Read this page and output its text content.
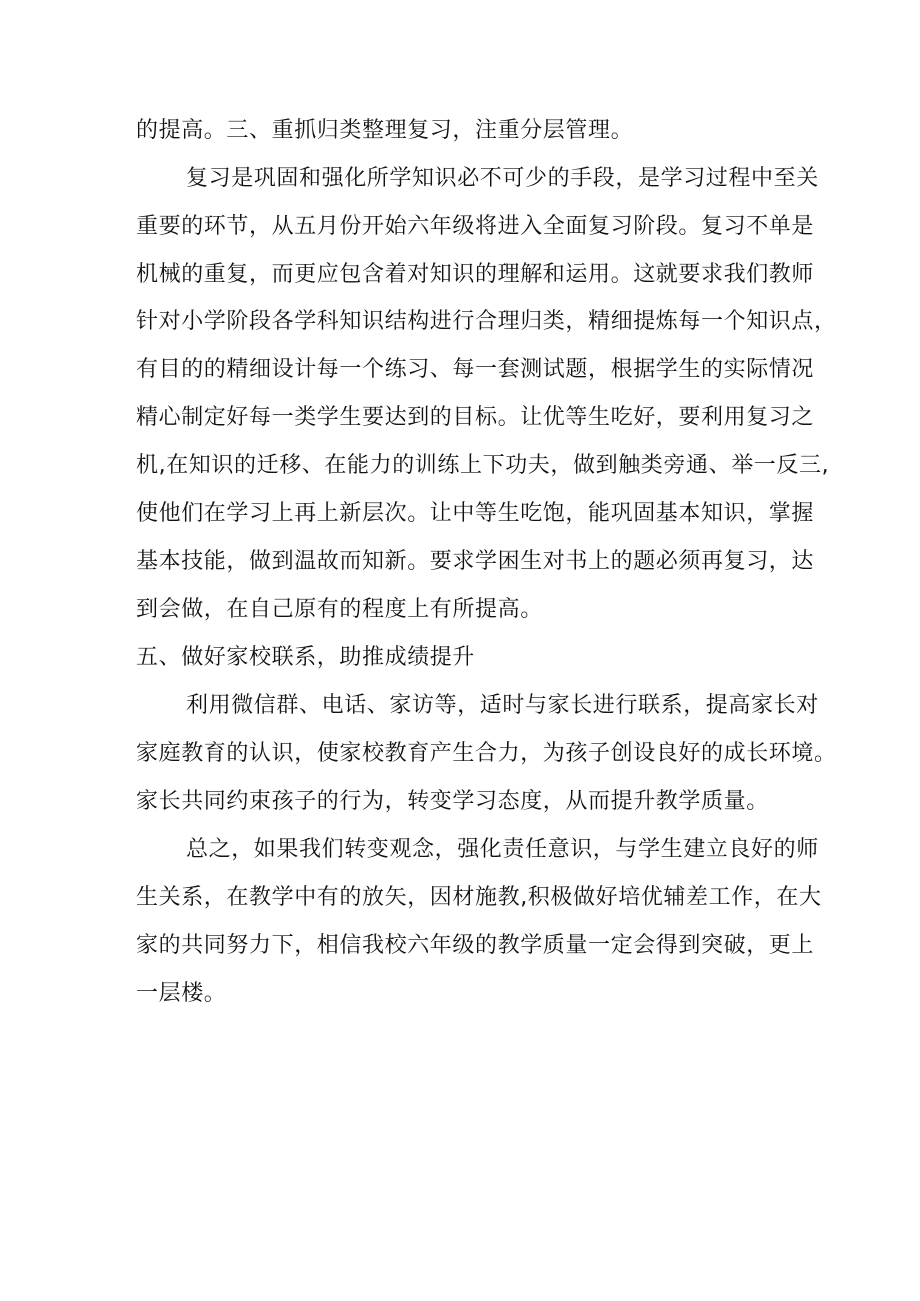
的提高。三、重抓归类整理复习，注重分层管理。
复习是巩固和强化所学知识必不可少的手段，是学习过程中至关
重要的环节，从五月份开始六年级将进入全面复习阶段。复习不单是
机械的重复，而更应包含着对知识的理解和运用。这就要求我们教师
针对小学阶段各学科知识结构进行合理归类，精细提炼每一个知识点，
有目的的精细设计每一个练习、每一套测试题，根据学生的实际情况
精心制定好每一类学生要达到的目标。让优等生吃好，要利用复习之
机,在知识的迁移、在能力的训练上下功夫，做到触类旁通、举一反三,
使他们在学习上再上新层次。让中等生吃饱，能巩固基本知识，掌握
基本技能，做到温故而知新。要求学困生对书上的题必须再复习，达
到会做，在自己原有的程度上有所提高。
五、做好家校联系，助推成绩提升
利用微信群、电话、家访等，适时与家长进行联系，提高家长对
家庭教育的认识，使家校教育产生合力，为孩子创设良好的成长环境。
家长共同约束孩子的行为，转变学习态度，从而提升教学质量。
总之，如果我们转变观念，强化责任意识，与学生建立良好的师
生关系，在教学中有的放矢，因材施教,积极做好培优辅差工作，在大
家的共同努力下，相信我校六年级的教学质量一定会得到突破，更上
一层楼。
